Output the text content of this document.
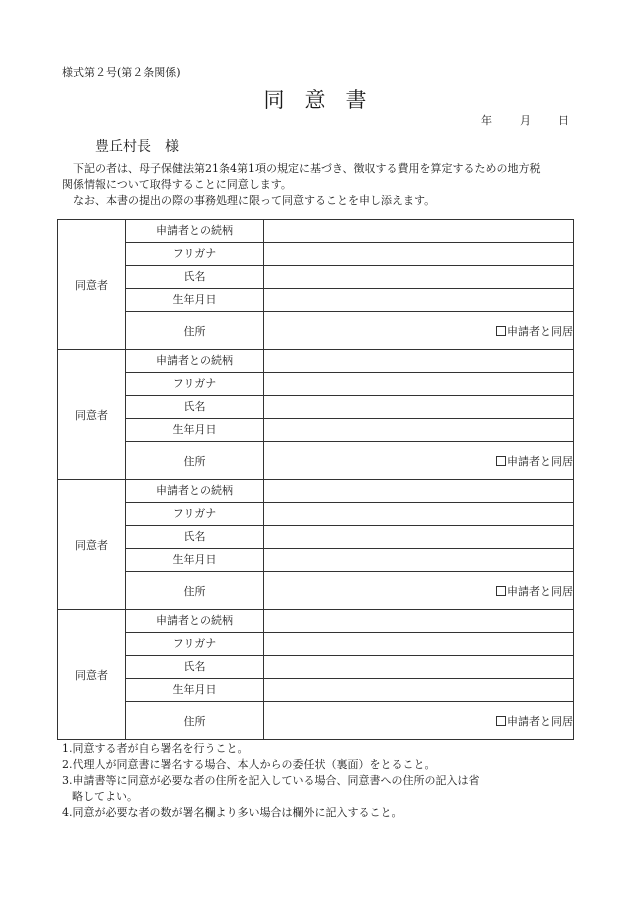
様式第２号(第２条関係)
同意書
年	月 日
豊丘村長　様

下記の者は、母子保健法第21条4第1項の規定に基づき、徴収する費用を算定するための地方税

関係情報について取得することに同意します。

なお、本書の提出の際の事務処理に限って同意することを申し添えます。

同意者	申請者との続柄	
	フリガナ	
	氏名	
	生年月日	
	住所	申請者と同居
同意者	申請者との続柄	
	フリガナ	
	氏名	
	生年月日	
	住所	申請者と同居
同意者	申請者との続柄	
	フリガナ	
	氏名	
	生年月日	
	住所	申請者と同居
同意者	申請者との続柄	
	フリガナ	
	氏名	
	生年月日	
	住所	申請者と同居

1.同意する者が自ら署名を行うこと。

2.代理人が同意書に署名する場合、本人からの委任状（裏面）をとること。

3.申請書等に同意が必要な者の住所を記入している場合、同意書への住所の記入は省

略してよい。

4.同意が必要な者の数が署名欄より多い場合は欄外に記入すること。
